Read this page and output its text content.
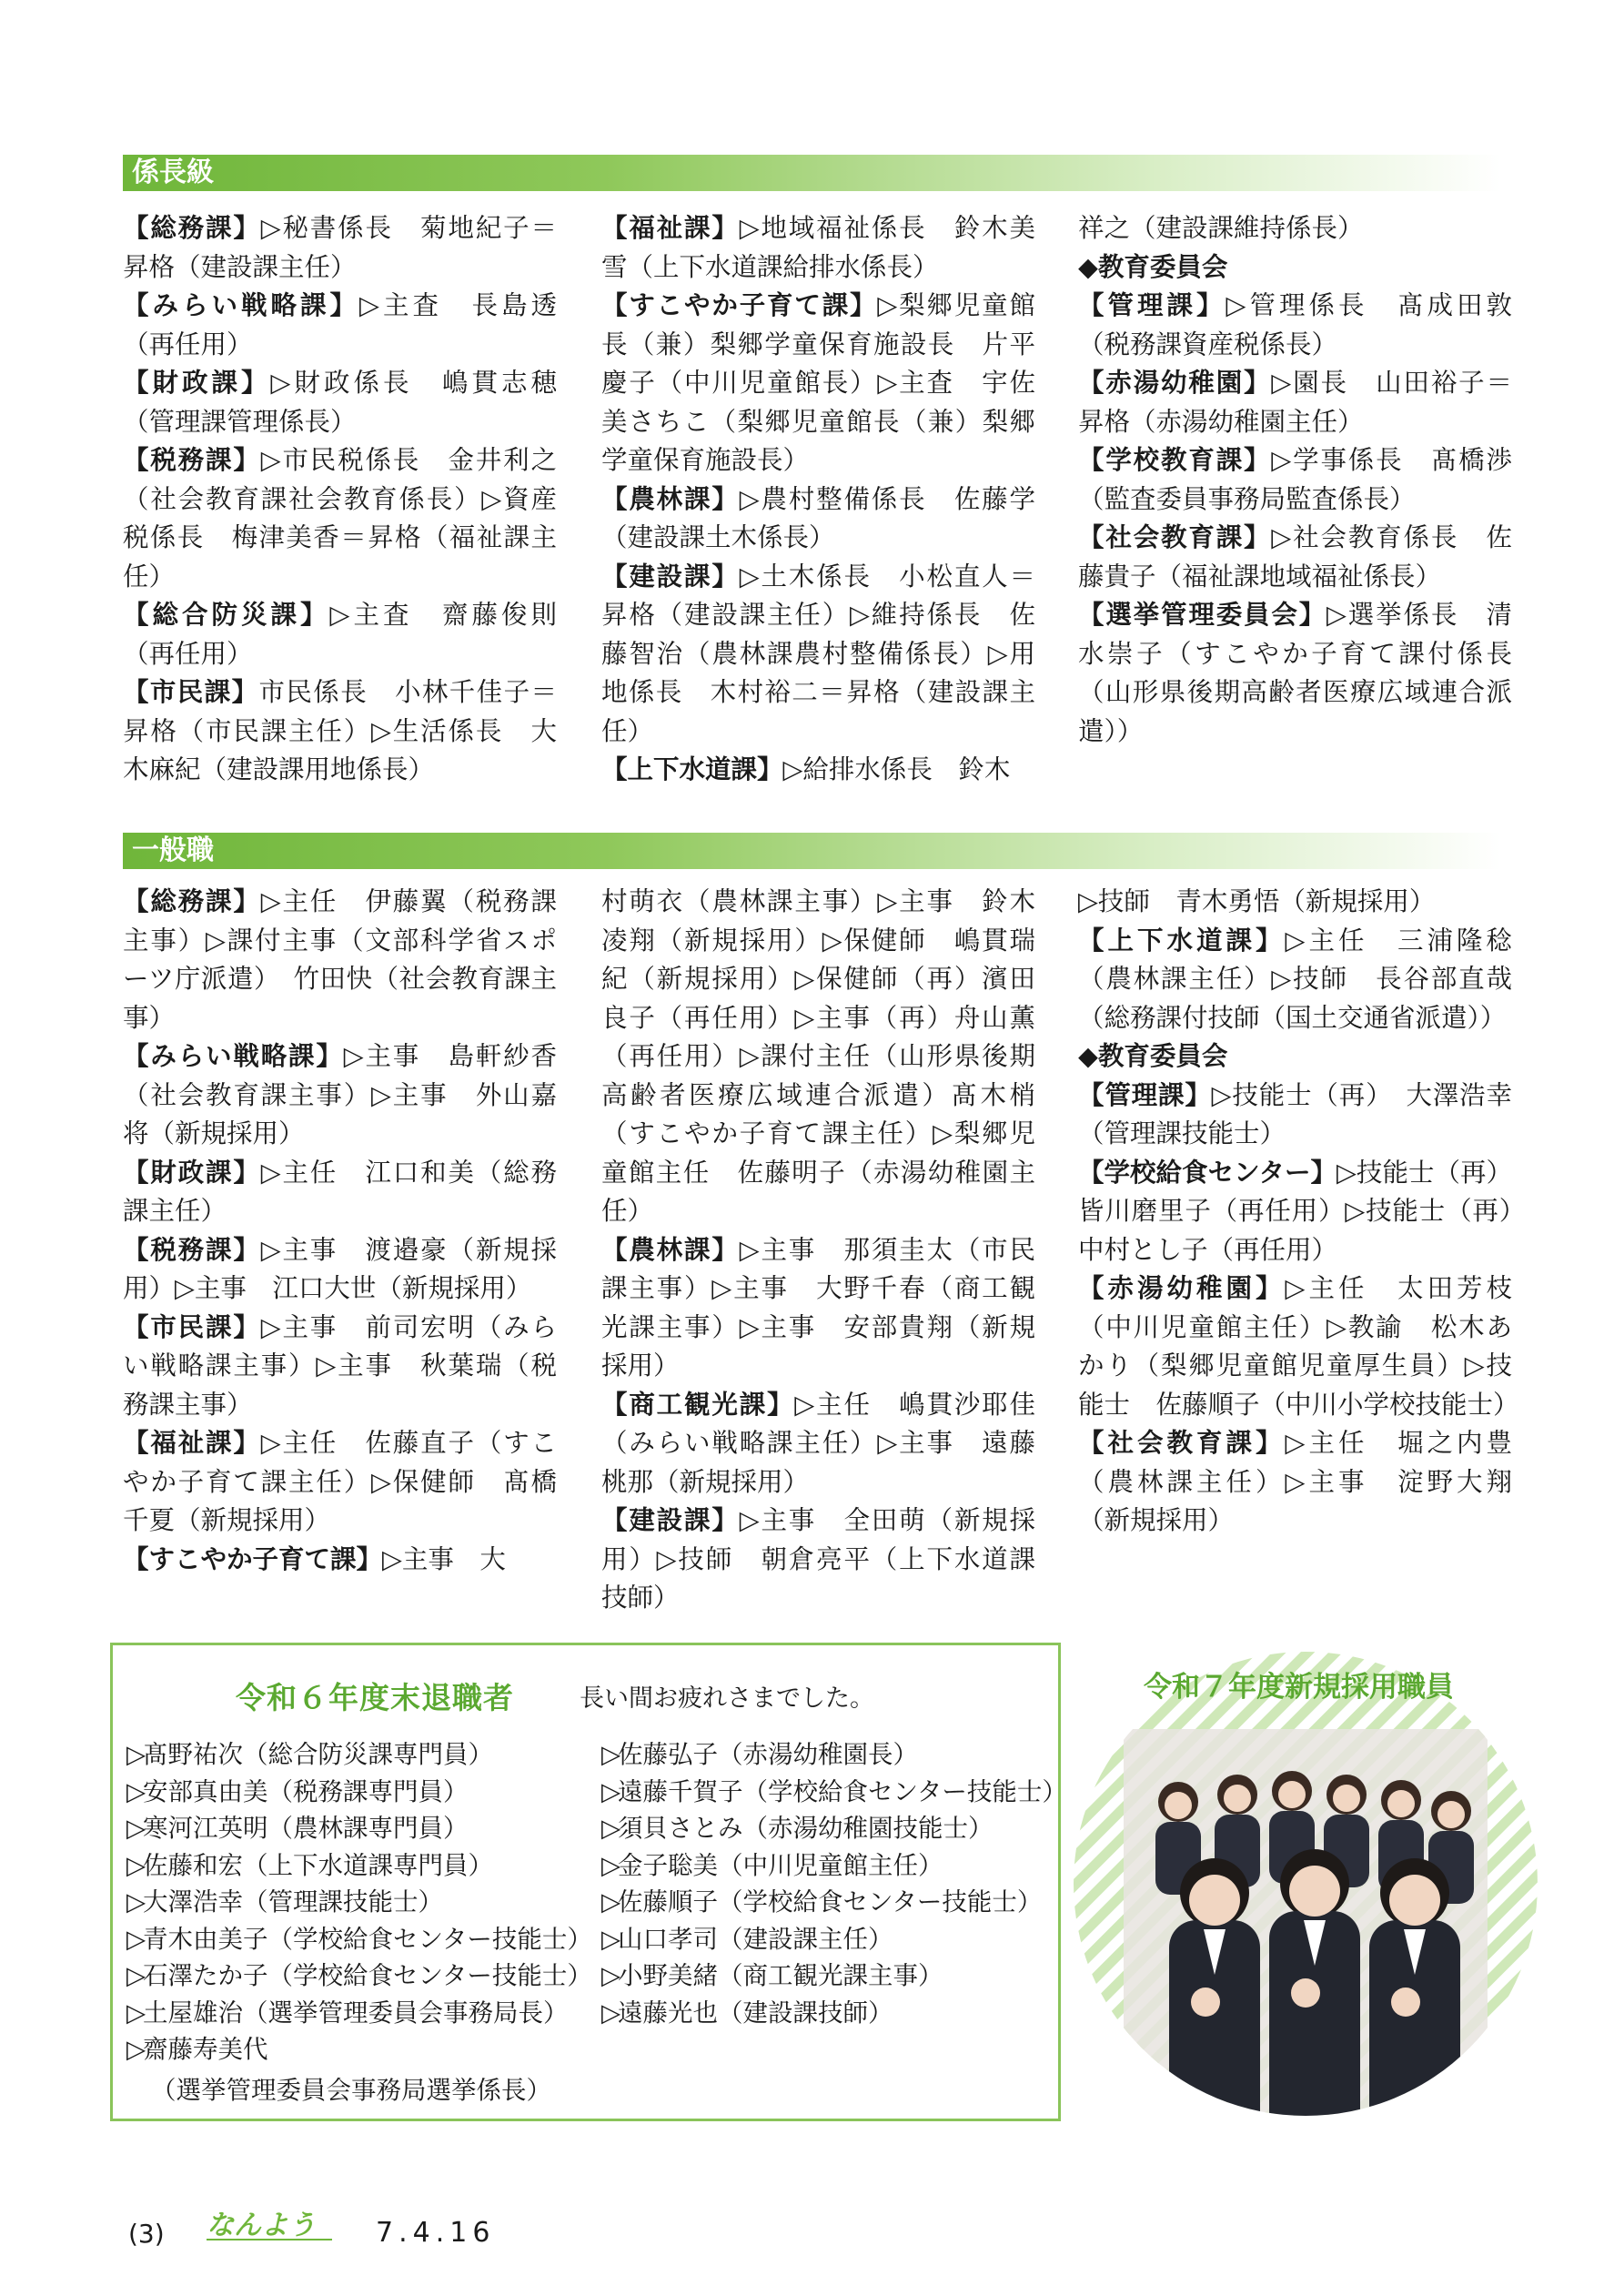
係長級
【総務課】▷秘書係長　菊地紀子＝昇格（建設課主任）
【みらい戦略課】▷主査　長島透（再任用）
【財政課】▷財政係長　嶋貫志穂（管理課管理係長）
【税務課】▷市民税係長　金井利之（社会教育課社会教育係長）▷資産税係長　梅津美香＝昇格（福祉課主任）
【総合防災課】▷主査　齋藤俊則（再任用）
【市民課】市民係長　小林千佳子＝昇格（市民課主任）▷生活係長　大木麻紀（建設課用地係長）
【福祉課】▷地域福祉係長　鈴木美雪（上下水道課給排水係長）
【すこやか子育て課】▷梨郷児童館長（兼）梨郷学童保育施設長　片平慶子（中川児童館長）▷主査　宇佐美さちこ（梨郷児童館長（兼）梨郷学童保育施設長）
【農林課】▷農村整備係長　佐藤学（建設課土木係長）
【建設課】▷土木係長　小松直人＝昇格（建設課主任）▷維持係長　佐藤智治（農林課農村整備係長）▷用地係長　木村裕二＝昇格（建設課主任）
【上下水道課】▷給排水係長　鈴木
祥之（建設課維持係長）
◆教育委員会
【管理課】▷管理係長　髙成田敦（税務課資産税係長）
【赤湯幼稚園】▷園長　山田裕子＝昇格（赤湯幼稚園主任）
【学校教育課】▷学事係長　髙橋渉（監査委員事務局監査係長）
【社会教育課】▷社会教育係長　佐藤貴子（福祉課地域福祉係長）
【選挙管理委員会】▷選挙係長　清水崇子（すこやか子育て課付係長（山形県後期高齢者医療広域連合派遣））
一般職
【総務課】▷主任　伊藤翼（税務課主事）▷課付主事（文部科学省スポーツ庁派遣）　竹田快（社会教育課主事）
【みらい戦略課】▷主事　島軒紗香（社会教育課主事）▷主事　外山嘉将（新規採用）
【財政課】▷主任　江口和美（総務課主任）
【税務課】▷主事　渡邉豪（新規採用）▷主事　江口大世（新規採用）
【市民課】▷主事　前司宏明（みらい戦略課主事）▷主事　秋葉瑞（税務課主事）
【福祉課】▷主任　佐藤直子（すこやか子育て課主任）▷保健師　髙橋千夏（新規採用）
【すこやか子育て課】▷主事　大
村萌衣（農林課主事）▷主事　鈴木凌翔（新規採用）▷保健師　嶋貫瑞紀（新規採用）▷保健師（再）濱田良子（再任用）▷主事（再）舟山薫（再任用）▷課付主任（山形県後期高齢者医療広域連合派遣）髙木梢（すこやか子育て課主任）▷梨郷児童館主任　佐藤明子（赤湯幼稚園主任）
【農林課】▷主事　那須圭太（市民課主事）▷主事　大野千春（商工観光課主事）▷主事　安部貴翔（新規採用）
【商工観光課】▷主任　嶋貫沙耶佳（みらい戦略課主任）▷主事　遠藤桃那（新規採用）
【建設課】▷主事　全田萌（新規採用）▷技師　朝倉亮平（上下水道課技師）
▷技師　青木勇悟（新規採用）
【上下水道課】▷主任　三浦隆稔（農林課主任）▷技師　長谷部直哉（総務課付技師（国土交通省派遣））
◆教育委員会
【管理課】▷技能士（再）　大澤浩幸（管理課技能士）
【学校給食センター】▷技能士（再）皆川磨里子（再任用）▷技能士（再）中村とし子（再任用）
【赤湯幼稚園】▷主任　太田芳枝（中川児童館主任）▷教諭　松木あかり（梨郷児童館児童厚生員）▷技能士　佐藤順子（中川小学校技能士）
【社会教育課】▷主任　堀之内豊（農林課主任）▷主事　淀野大翔（新規採用）
令和６年度末退職者	長い間お疲れさまでした。
▷髙野祐次（総合防災課専門員）
▷安部真由美（税務課専門員）
▷寒河江英明（農林課専門員）
▷佐藤和宏（上下水道課専門員）
▷大澤浩幸（管理課技能士）
▷青木由美子（学校給食センター技能士）
▷石澤たか子（学校給食センター技能士）
▷土屋雄治（選挙管理委員会事務局長）
▷齋藤寿美代
（選挙管理委員会事務局選挙係長）
▷佐藤弘子（赤湯幼稚園長）
▷遠藤千賀子（学校給食センター技能士）
▷須貝さとみ（赤湯幼稚園技能士）
▷金子聡美（中川児童館主任）
▷佐藤順子（学校給食センター技能士）
▷山口孝司（建設課主任）
▷小野美緒（商工観光課主事）
▷遠藤光也（建設課技師）
令和７年度新規採用職員
(3) なんよう 7.4.16
